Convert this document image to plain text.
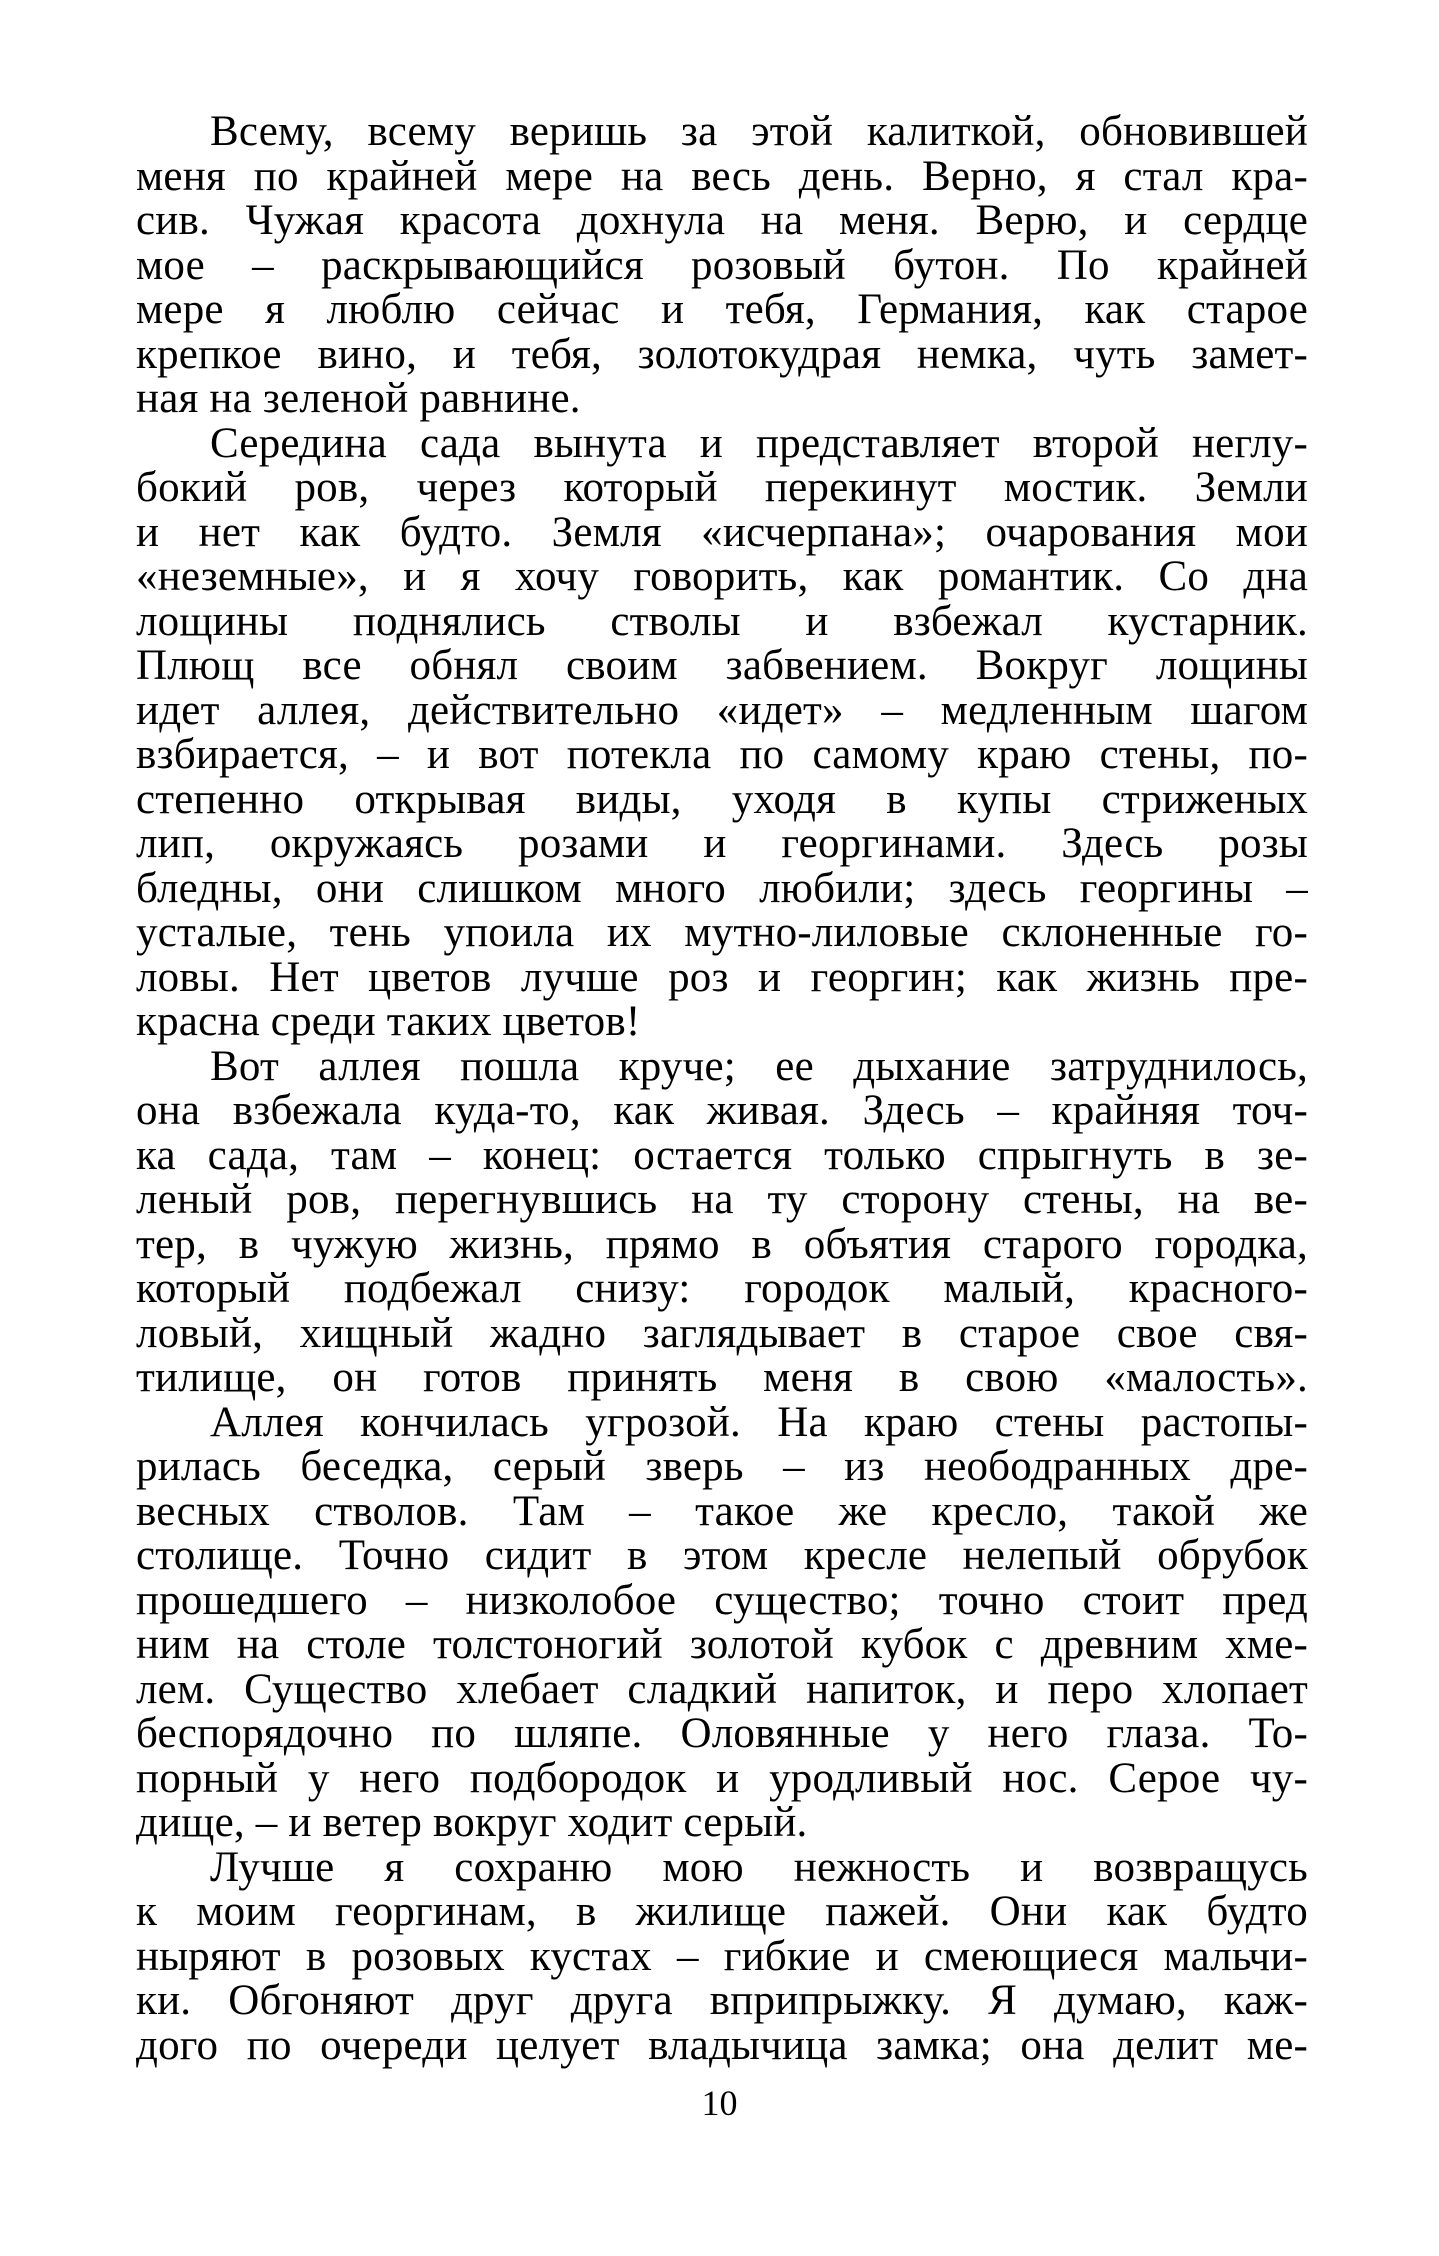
Всему, всему веришь за этой калиткой, обновившей
меня по крайней мере на весь день. Верно, я стал кра-
сив. Чужая красота дохнула на меня. Верю, и сердце
мое – раскрывающийся розовый бутон. По крайней
мере я люблю сейчас и тебя, Германия, как старое
крепкое вино, и тебя, золотокудрая немка, чуть замет-
ная на зеленой равнине.
Середина сада вынута и представляет второй неглу-
бокий ров, через который перекинут мостик. Земли
и нет как будто. Земля «исчерпана»; очарования мои
«неземные», и я хочу говорить, как романтик. Со дна
лощины поднялись стволы и взбежал кустарник.
Плющ все обнял своим забвением. Вокруг лощины
идет аллея, действительно «идет» – медленным шагом
взбирается, – и вот потекла по самому краю стены, по-
степенно открывая виды, уходя в купы стриженых
лип, окружаясь розами и георгинами. Здесь розы
бледны, они слишком много любили; здесь георгины –
усталые, тень упоила их мутно-лиловые склоненные го-
ловы. Нет цветов лучше роз и георгин; как жизнь пре-
красна среди таких цветов!
Вот аллея пошла круче; ее дыхание затруднилось,
она взбежала куда-то, как живая. Здесь – крайняя точ-
ка сада, там – конец: остается только спрыгнуть в зе-
леный ров, перегнувшись на ту сторону стены, на ве-
тер, в чужую жизнь, прямо в объятия старого городка,
который подбежал снизу: городок малый, красного-
ловый, хищный жадно заглядывает в старое свое свя-
тилище, он готов принять меня в свою «малость».
Аллея кончилась угрозой. На краю стены растопы-
рилась беседка, серый зверь – из неободранных дре-
весных стволов. Там – такое же кресло, такой же
столище. Точно сидит в этом кресле нелепый обрубок
прошедшего – низколобое существо; точно стоит пред
ним на столе толстоногий золотой кубок с древним хме-
лем. Существо хлебает сладкий напиток, и перо хлопает
беспорядочно по шляпе. Оловянные у него глаза. То-
порный у него подбородок и уродливый нос. Серое чу-
дище, – и ветер вокруг ходит серый.
Лучше я сохраню мою нежность и возвращусь
к моим георгинам, в жилище пажей. Они как будто
ныряют в розовых кустах – гибкие и смеющиеся мальчи-
ки. Обгоняют друг друга вприпрыжку. Я думаю, каж-
дого по очереди целует владычица замка; она делит ме-
10
